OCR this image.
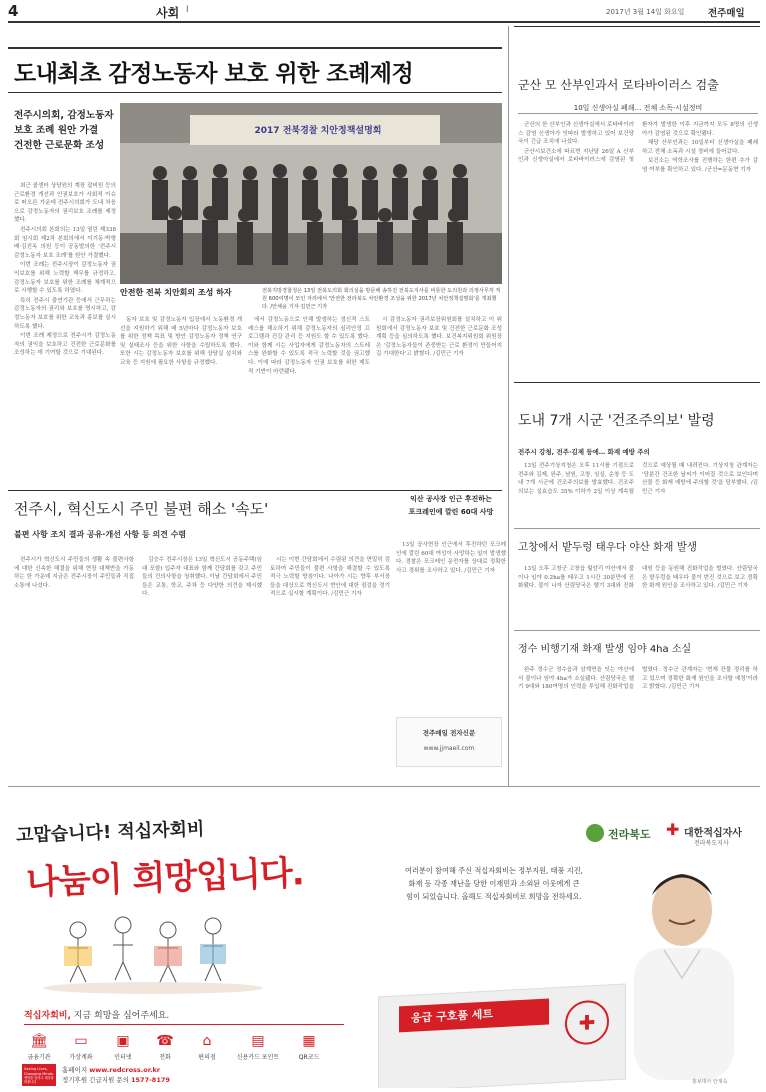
4	사회 I	2017년 3월 14일 화요일 전주매일
도내최초 감정노동자 보호 위한 조례제정
전주시의회, 감정노동자
보호 조례 원안 가결
건전한 근로문화 조성

최근 콜센터 상담원의 계장 잡비원 등의 근로환경 개선과 인권보호가 사회적 이슈로 떠오른 가운데 전주시의회가 도내 처음으로 감정노동자의 권리보호 조례를 제정했다.

전주시의회 본회의는 13일 열린 제338회 임시회 제2차 본회의에서 이기동·박형배·김진옥 의원 등이 공동발의한 '전주시 감정노동자 보호 조례'를 원안 가결했다.

이번 조례는 전주시장이 감정노동자 권익보호를 위해 노력할 책무를 규정하고, 감정노동자 보호를 위한 조례를 체계적으로 시행할 수 있도록 하였다.

특히 전주시 출연기관 등에서 근무하는 감정노동자의 권리와 보호를 명시하고, 감정노동자 보호를 위한 교육과 홍보를 실시하도록 했다.

이번 조례 제정으로 전주시가 감정노동자의 권익을 보호하고 건전한 근로문화를 조성하는 데 기여할 것으로 기대된다.

2017 전북경찰 치안정책설명회
안전한 전북 치안회의 조성 하자	전북지방경찰청은 13일 전북도의회 회의실을 방문해 송하진 전북도지사를 비롯한 도의원과 의정사무처 직원 600여명이 모인 자리에서 '안전한 전라북도 치안환경 조성을 위한 2017년 치안정책설명회'를 개최했다. /안채윤 기자·김민근 기자
동자 보호 및 감정노동자 입장에서 노동환경 개선을 지원하기 위해 매 5년마다 감정노동자 보호를 위한 정책 목표 및 방안 감정노동자 정책 연구 및 실태조사 등을 위한 사항을 수립하도록 했다. 또한 시는 감정노동자 보호를 위해 상담실 설치와 교육 등 지원에 필요한 사항을 규정했다.
에서 감정노동으로 인해 발생하는 정신적 스트레스를 해소하기 위해 감정노동자의 심리안정 프로그램과 건강 관리 등 지원도 할 수 있도록 했다. 이와 함께 시는 사업자에게 감정노동자의 스트레스를 완화할 수 있도록 적극 노력할 것을 권고했다. 이에 따라 감정노동자 인권 보호를 위한 제도적 기반이 마련됐다.
시 감정노동자 권리보장위원회를 설치하고 이 위원회에서 감정노동자 보호 및 건전한 근로문화 조성 계획 등을 심의하도록 했다. 보건복지위원회 위원장은 '감정노동자들이 존중받는 근로 환경이 만들어지길 기대한다'고 밝혔다. /김민근 기자
군산 모 산부인과서 로타바이러스 검출
10일 신생아실 폐쇄… 전체 소독·시설정비

군산의 한 산부인과 신생아실에서 로타바이러스 감염 신생아가 잇따라 발생하고 있어 보건당국이 긴급 조치에 나섰다.

군산시보건소에 따르면 지난달 26일 A 산부인과 신생아실에서 로타바이러스에 감염된 첫 환자가 발생한 이후 지금까지 모두 8명의 신생아가 감염된 것으로 확인됐다.

해당 산부인과는 10일부터 신생아실을 폐쇄하고 전체 소독과 시설 정비에 들어갔다.

보건소는 역학조사를 진행하는 한편 추가 감염 여부를 확인하고 있다. /군산=문동현 기자

도내 7개 시군 '건조주의보' 발령
전주시 강청, 전주·김제 등에… 화재 예방 주의
13일 전주기상지청은 오후 11시를 기점으로 전주와 김제, 완주, 남원, 고창, 임실, 순창 등 도내 7개 시군에 건조주의보를 발효했다. 건조주의보는 실효습도 35% 이하가 2일 이상 계속될 것으로 예상될 때 내려진다. 기상지청 관계자는 '당분간 건조한 날씨가 이어질 것으로 보인다며 산불 등 화재 예방에 주의할 것'을 당부했다. /김민근 기자
고창에서 밭두렁 태우다 야산 화재 발생
13일 오후 고창군 고창읍 월암리 야산에서 불이나 임야 0.2ha를 태우고 1시간 30분만에 진화됐다. 불이 나자 산림당국은 헬기 3대와 진화대원 등을 동원해 진화작업을 벌였다. 산림당국은 밭두렁을 태우다 불이 번진 것으로 보고 정확한 화재 원인을 조사하고 있다. /김민근 기자
정수 비행기재 화재 발생 임야 4ha 소실
완주 정수군 정수읍과 삼계면을 잇는 야산에서 불이나 임야 4ha가 소실됐다. 산림당국은 헬기 9대와 180여명의 인력을 투입해 진화작업을 벌였다. 정수군 관계자는 '현재 잔불 정리를 하고 있으며 정확한 화재 원인을 조사할 예정'이라고 밝혔다. /김민근 기자
전주시, 혁신도시 주민 불편 해소 '속도'
불편 사항 조치 결과 공유·개선 사항 등 의견 수렴

전주시가 혁신도시 주민들의 생활 속 불편사항에 대한 신속한 해결을 위해 현장 대책반을 가동하는 한 가운데 지금은 전주시장이 주민들과 직접 소통에 나섰다.

김승수 전주시장은 13일 혁신도시 공동주택(임대 포함) 입주자 대표와 함께 간담회를 갖고 주민들의 건의사항을 청취했다. 이날 간담회에서 주민들은 교통, 학교, 주차 등 다양한 의견을 제시했다.

시는 이번 간담회에서 수렴된 의견을 면밀히 검토하여 주민들이 불편 사항을 해결할 수 있도록 적극 노력할 방침이다. 나아가 시는 향후 부서장들을 대상으로 혁신도시 현안에 대한 점검을 정기적으로 실시할 계획이다. /김민근 기자

익산 공사장 인근 후진하는
포크레인에 깔린 60대 사망
13일 공사현장 인근에서 후진하던 포크레인에 깔린 60대 여성이 사망하는 일이 발생했다. 경찰은 포크레인 운전자를 상대로 정확한 사고 경위를 조사하고 있다. /김민근 기자
전주매일 전자신문
www.jjmaeil.com
고맙습니다! 적십자회비
나눔이 희망입니다.
전라북도 ✚ 대한적십자사
전라북도지사
여러분이 참여해 주신 적십자회비는 정부지원, 태풍 지진, 화재 등 각종 재난을 당한 이재민과 소외된 이웃에게 큰 힘이 되었습니다. 올해도 적십자회비로 희망을 전하세요.
응급 구호품 세트	✚
적십자회비, 지금 희망을 심어주세요.
🏛
금융기관
▭
가상계좌
▣
인터넷
☎
전화
⌂
편의점
▤
신용카드 포인트
▦
QR코드
Saving Lives, Changing Minds.
생명을 살리고 세상을 바꿉니다
홈페이지 www.redcross.or.kr
정기후원 긴급지원 문의 1577-8179	홍보대사 안재욱
